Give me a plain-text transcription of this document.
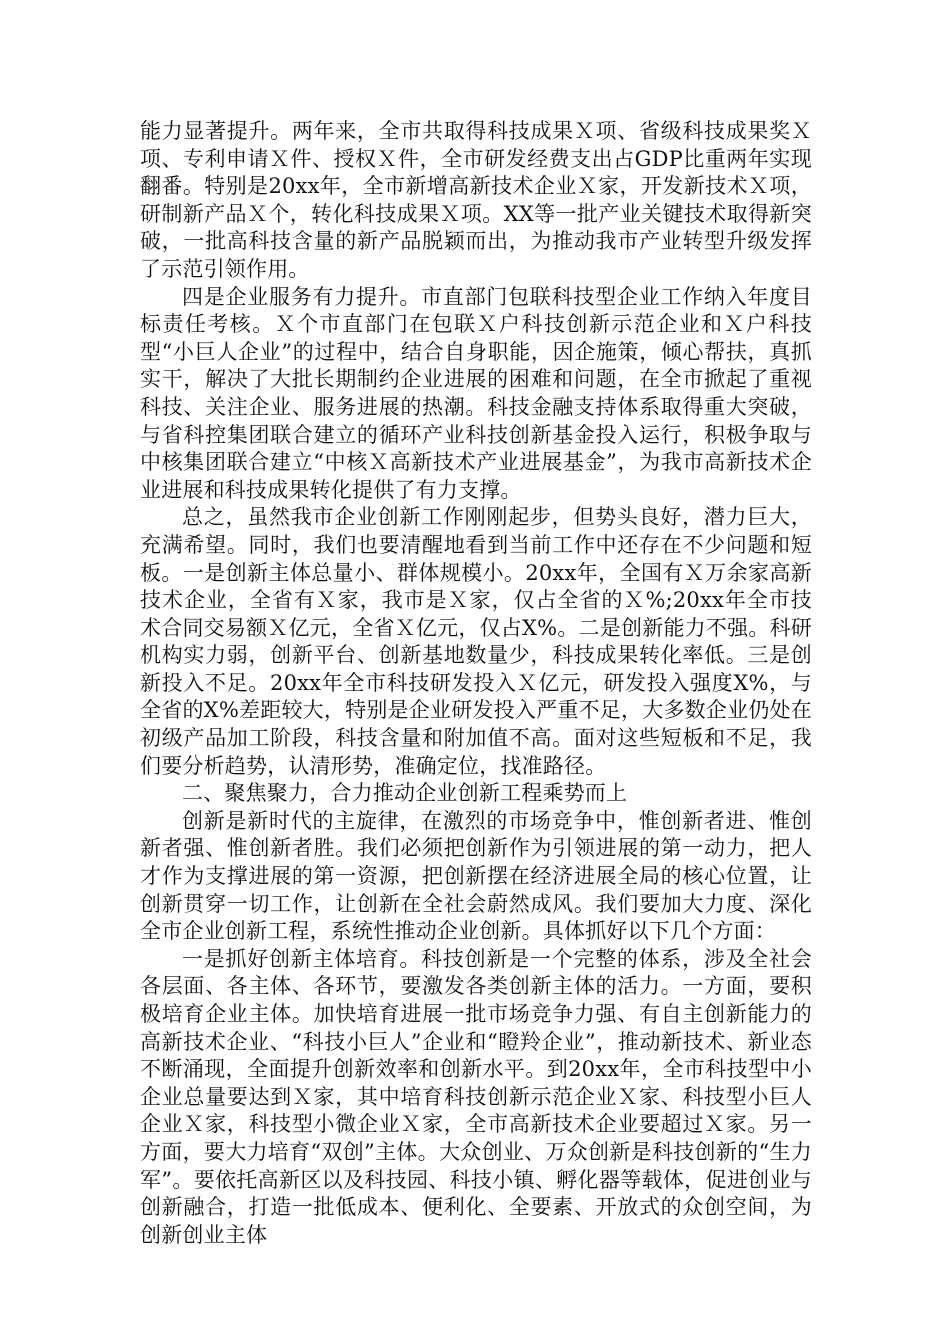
能力显著提升。两年来，全市共取得科技成果Ｘ项、省级科技成果奖Ｘ项、专利申请Ｘ件、授权Ｘ件，全市研发经费支出占GDP比重两年实现翻番。特别是20xx年，全市新增高新技术企业Ｘ家，开发新技术Ｘ项，研制新产品Ｘ个，转化科技成果Ｘ项。XX等一批产业关键技术取得新突破，一批高科技含量的新产品脱颖而出，为推动我市产业转型升级发挥了示范引领作用。

四是企业服务有力提升。市直部门包联科技型企业工作纳入年度目标责任考核。Ｘ个市直部门在包联Ｘ户科技创新示范企业和Ｘ户科技型“小巨人企业”的过程中，结合自身职能，因企施策，倾心帮扶，真抓实干，解决了大批长期制约企业进展的困难和问题，在全市掀起了重视科技、关注企业、服务进展的热潮。科技金融支持体系取得重大突破，与省科控集团联合建立的循环产业科技创新基金投入运行，积极争取与中核集团联合建立“中核Ｘ高新技术产业进展基金”，为我市高新技术企业进展和科技成果转化提供了有力支撑。

总之，虽然我市企业创新工作刚刚起步，但势头良好，潜力巨大，充满希望。同时，我们也要清醒地看到当前工作中还存在不少问题和短板。一是创新主体总量小、群体规模小。20xx年，全国有Ｘ万余家高新技术企业，全省有Ｘ家，我市是Ｘ家，仅占全省的Ｘ%;20xx年全市技术合同交易额Ｘ亿元，全省Ｘ亿元，仅占X%。二是创新能力不强。科研机构实力弱，创新平台、创新基地数量少，科技成果转化率低。三是创新投入不足。20xx年全市科技研发投入Ｘ亿元，研发投入强度X%，与全省的X%差距较大，特别是企业研发投入严重不足，大多数企业仍处在初级产品加工阶段，科技含量和附加值不高。面对这些短板和不足，我们要分析趋势，认清形势，准确定位，找准路径。

二、聚焦聚力，合力推动企业创新工程乘势而上

创新是新时代的主旋律，在激烈的市场竞争中，惟创新者进、惟创新者强、惟创新者胜。我们必须把创新作为引领进展的第一动力，把人才作为支撑进展的第一资源，把创新摆在经济进展全局的核心位置，让创新贯穿一切工作，让创新在全社会蔚然成风。我们要加大力度、深化全市企业创新工程，系统性推动企业创新。具体抓好以下几个方面：

一是抓好创新主体培育。科技创新是一个完整的体系，涉及全社会各层面、各主体、各环节，要激发各类创新主体的活力。一方面，要积极培育企业主体。加快培育进展一批市场竞争力强、有自主创新能力的高新技术企业、“科技小巨人”企业和“瞪羚企业”，推动新技术、新业态不断涌现，全面提升创新效率和创新水平。到20xx年，全市科技型中小企业总量要达到Ｘ家，其中培育科技创新示范企业Ｘ家、科技型小巨人企业Ｘ家，科技型小微企业Ｘ家，全市高新技术企业要超过Ｘ家。另一方面，要大力培育“双创”主体。大众创业、万众创新是科技创新的“生力军”。要依托高新区以及科技园、科技小镇、孵化器等载体，促进创业与创新融合，打造一批低成本、便利化、全要素、开放式的众创空间，为创新创业主体
